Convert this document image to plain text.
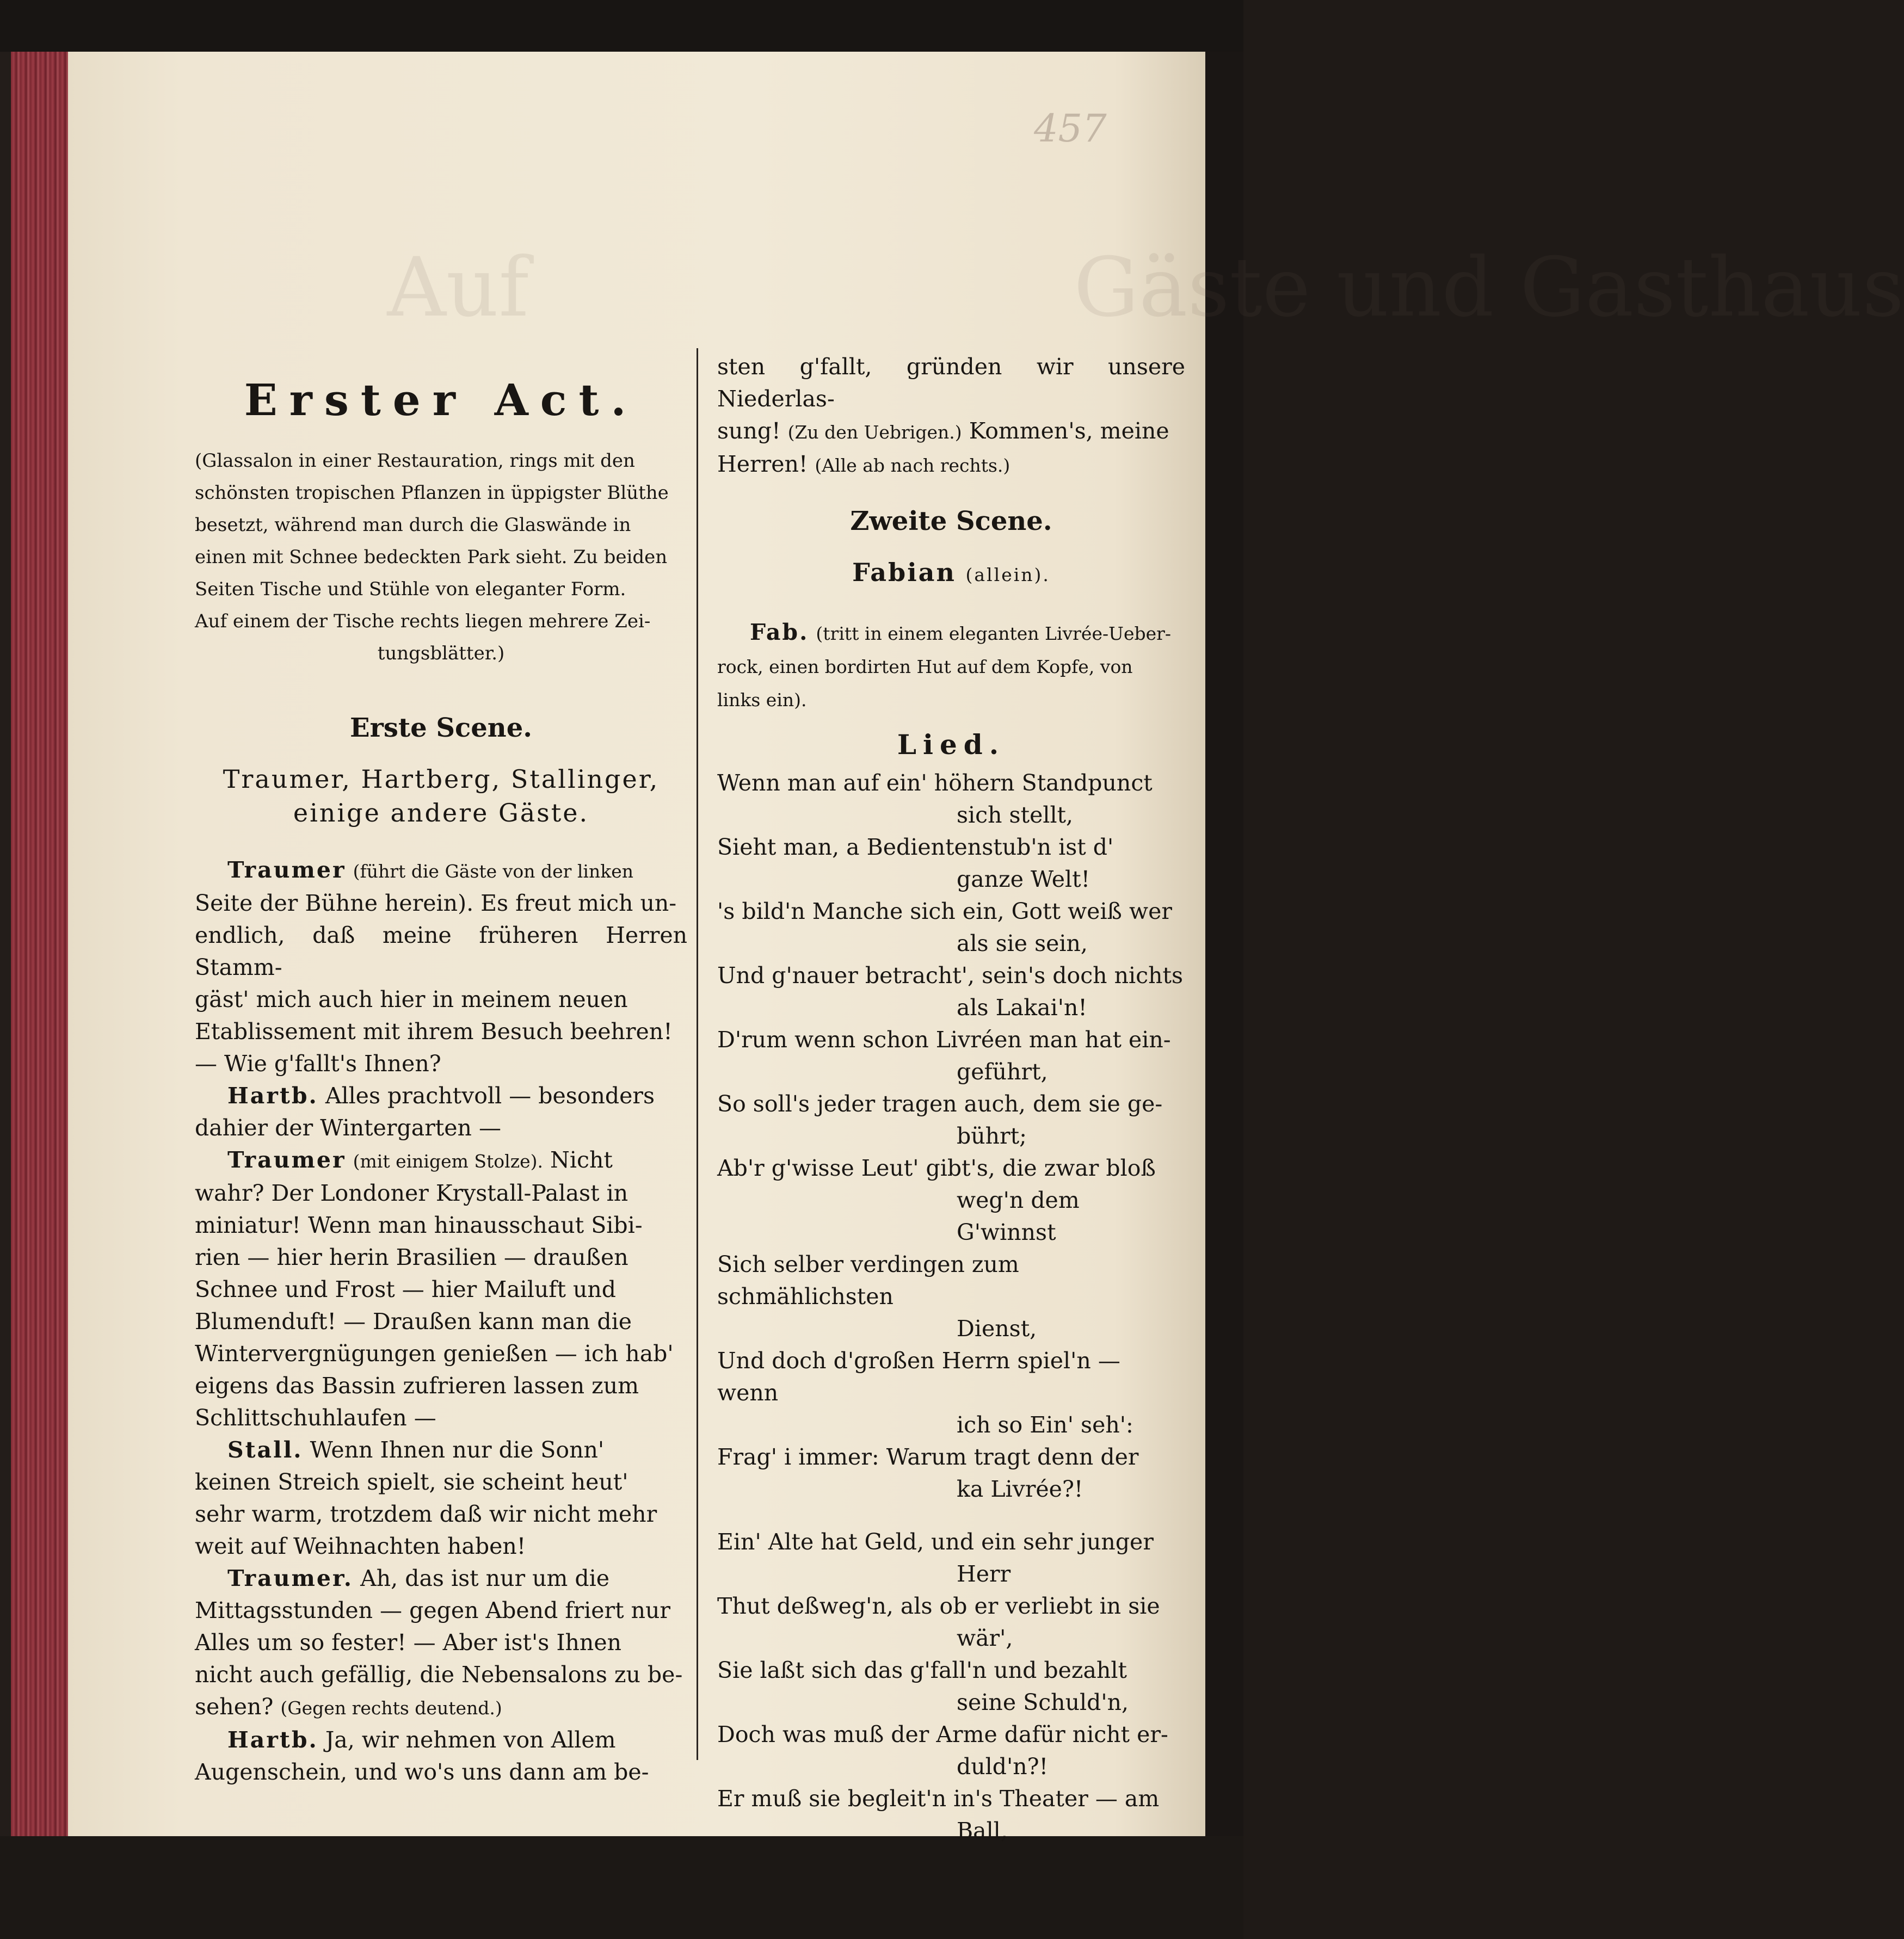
und Gasthaus

457
Erster Act.

(Glassalon in einer Restauration, rings mit den
schönsten tropischen Pflanzen in üppigster Blüthe
besetzt, während man durch die Glaswände in
einen mit Schnee bedeckten Park sieht. Zu beiden
Seiten Tische und Stühle von eleganter Form.
Auf einem der Tische rechts liegen mehrere Zei-

tungsblätter.)

Erste Scene.
Traumer, Hartberg, Stallinger,
einige andere Gäste.

Traumer (führt die Gäste von der linken
Seite der Bühne herein). Es freut mich un-
endlich, daß meine früheren Herren Stamm-
gäst' mich auch hier in meinem neuen
Etablissement mit ihrem Besuch beehren!
— Wie g'fallt's Ihnen?

Hartb. Alles prachtvoll — besonders
dahier der Wintergarten —

Traumer (mit einigem Stolze). Nicht
wahr? Der Londoner Krystall-Palast in
miniatur! Wenn man hinausschaut Sibi-
rien — hier herin Brasilien — draußen
Schnee und Frost — hier Mailuft und
Blumenduft! — Draußen kann man die
Wintervergnügungen genießen — ich hab'
eigens das Bassin zufrieren lassen zum
Schlittschuhlaufen —

Stall. Wenn Ihnen nur die Sonn'
keinen Streich spielt, sie scheint heut'
sehr warm, trotzdem daß wir nicht mehr
weit auf Weihnachten haben!

Traumer. Ah, das ist nur um die
Mittagsstunden — gegen Abend friert nur
Alles um so fester! — Aber ist's Ihnen
nicht auch gefällig, die Nebensalons zu be-
sehen? (Gegen rechts deutend.)

Hartb. Ja, wir nehmen von Allem
Augenschein, und wo's uns dann am be-

sten g'fallt, gründen wir unsere Niederlas-
sung! (Zu den Uebrigen.) Kommen's, meine
Herren! (Alle ab nach rechts.)

Zweite Scene.
Fabian (allein).

Fab. (tritt in einem eleganten Livrée-Ueber-
rock, einen bordirten Hut auf dem Kopfe, von
links ein).

Lied.

Wenn man auf ein' höhern Standpunct

sich stellt,

Sieht man, a Bedientenstub'n ist d'

ganze Welt!

's bild'n Manche sich ein, Gott weiß wer

als sie sein,

Und g'nauer betracht', sein's doch nichts

als Lakai'n!

D'rum wenn schon Livréen man hat ein-

geführt,

So soll's jeder tragen auch, dem sie ge-

bührt;

Ab'r g'wisse Leut' gibt's, die zwar bloß

weg'n dem G'winnst

Sich selber verdingen zum schmählichsten

Dienst,

Und doch d'großen Herrn spiel'n — wenn

ich so Ein' seh':

Frag' i immer: Warum tragt denn der

ka Livrée?!

Ein' Alte hat Geld, und ein sehr junger

Herr

Thut deßweg'n, als ob er verliebt in sie

wär',

Sie laßt sich das g'fall'n und bezahlt

seine Schuld'n,

Doch was muß der Arme dafür nicht er-

duld'n?!

Er muß sie begleit'n in's Theater — am

Ball,
